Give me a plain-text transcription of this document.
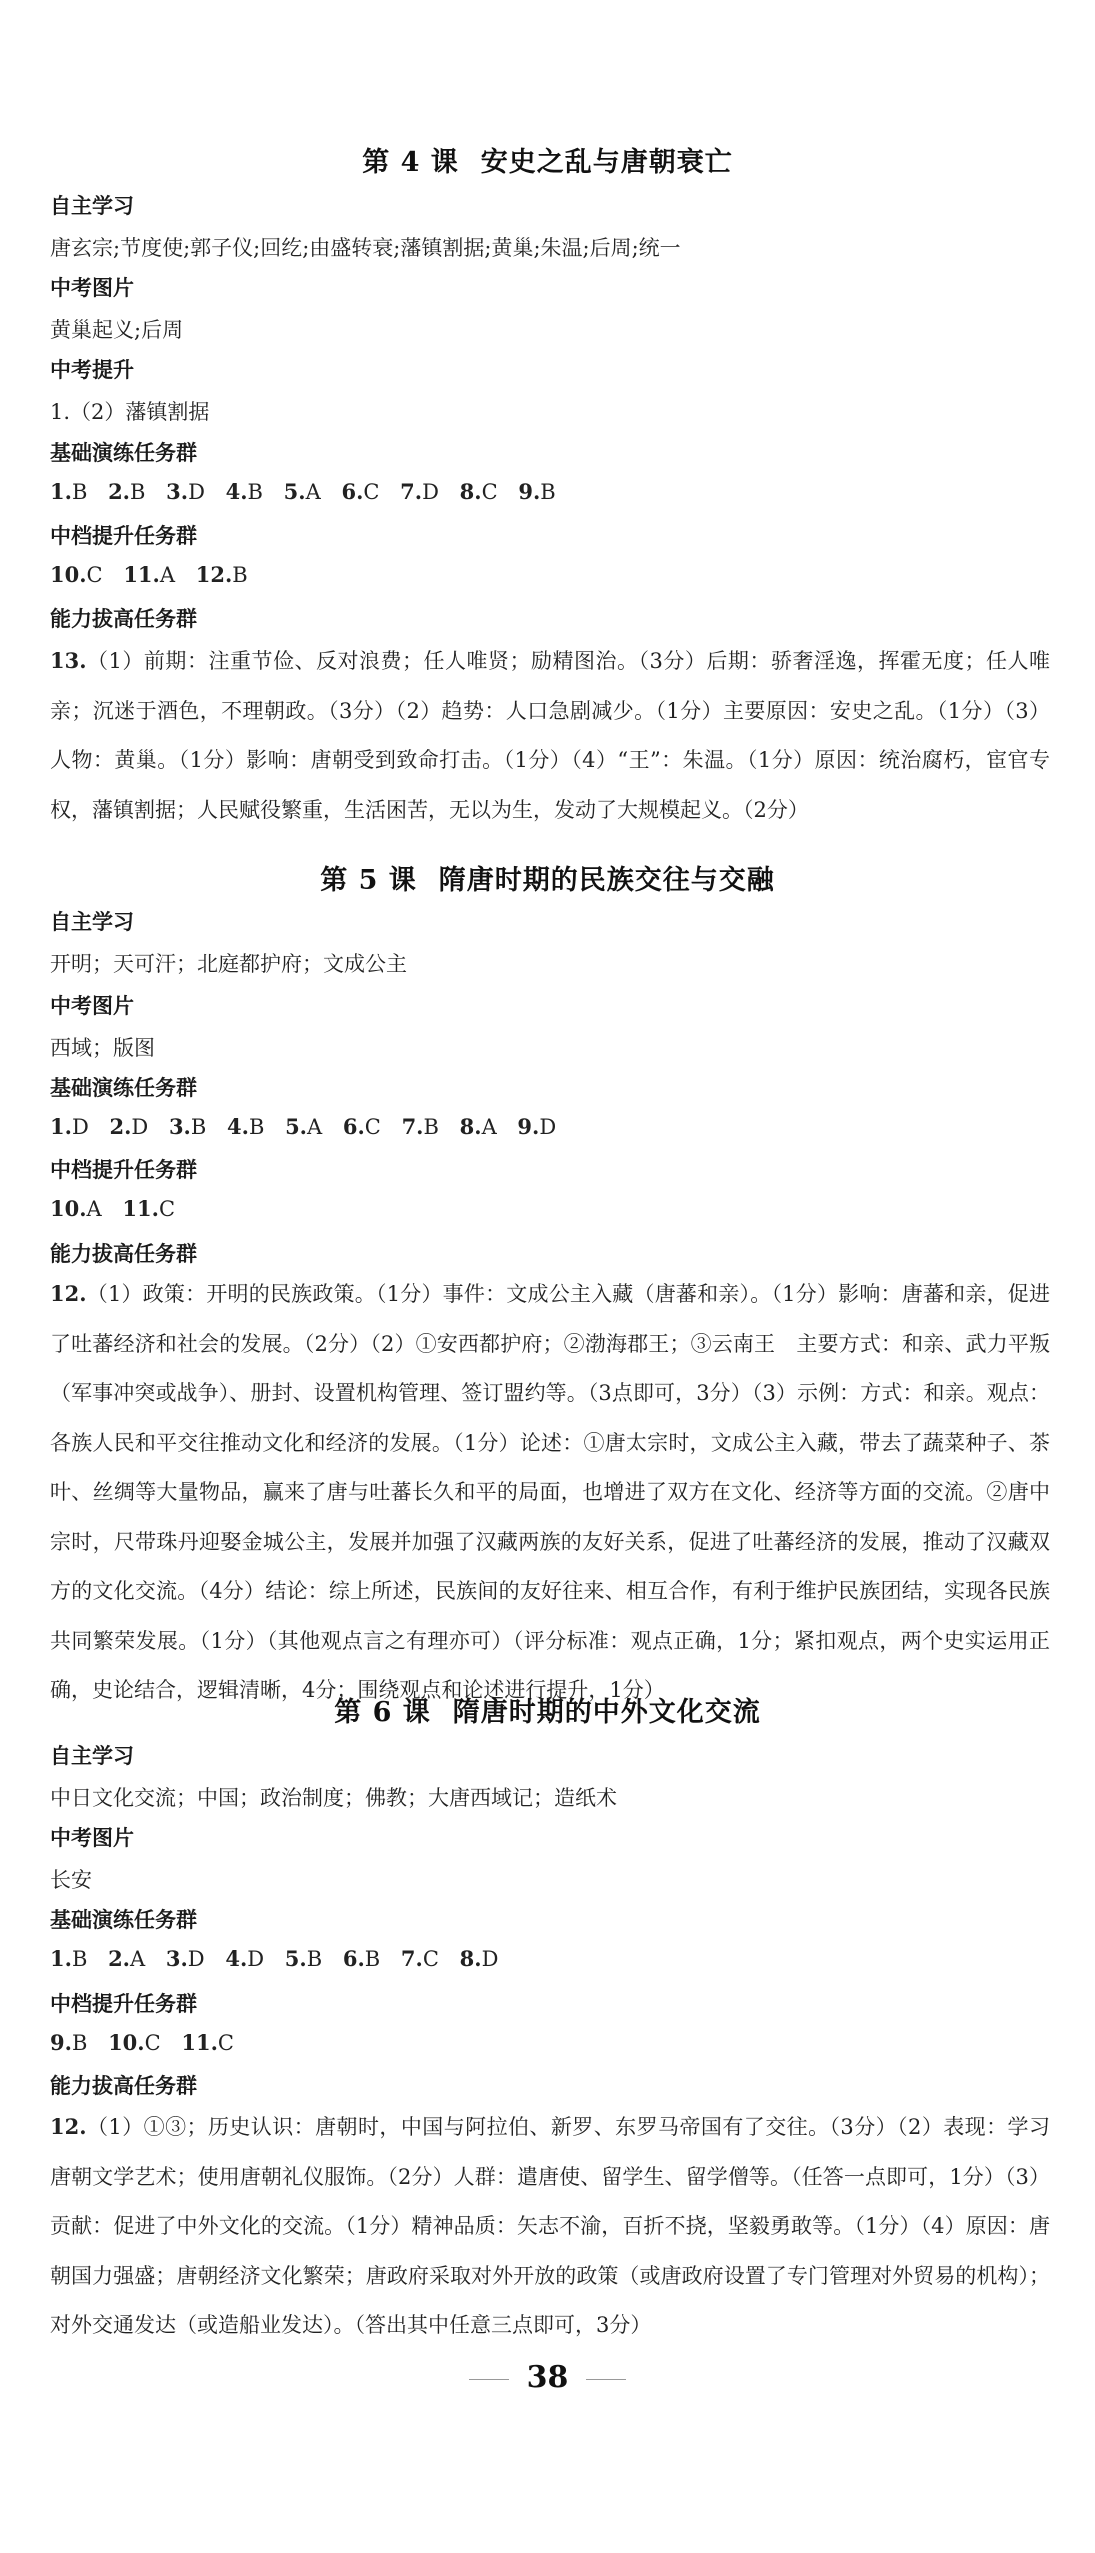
第 4 课 安史之乱与唐朝衰亡
自主学习
唐玄宗;节度使;郭子仪;回纥;由盛转衰;藩镇割据;黄巢;朱温;后周;统一
中考图片
黄巢起义;后周
中考提升
1.（2）藩镇割据
基础演练任务群
1.B 2.B 3.D 4.B 5.A 6.C 7.D 8.C 9.B
中档提升任务群
10.C 11.A 12.B
能力拔高任务群
13.（1）前期：注重节俭、反对浪费；任人唯贤；励精图治。（3分）后期：骄奢淫逸，挥霍无度；任人唯亲；沉迷于酒色，不理朝政。（3分）（2）趋势：人口急剧减少。（1分）主要原因：安史之乱。（1分）（3）人物：黄巢。（1分）影响：唐朝受到致命打击。（1分）（4）“王”：朱温。（1分）原因：统治腐朽，宦官专权，藩镇割据；人民赋役繁重，生活困苦，无以为生，发动了大规模起义。（2分）
第 5 课 隋唐时期的民族交往与交融
自主学习
开明；天可汗；北庭都护府；文成公主
中考图片
西域；版图
基础演练任务群
1.D 2.D 3.B 4.B 5.A 6.C 7.B 8.A 9.D
中档提升任务群
10.A 11.C
能力拔高任务群
12.（1）政策：开明的民族政策。（1分）事件：文成公主入藏（唐蕃和亲）。（1分）影响：唐蕃和亲，促进了吐蕃经济和社会的发展。（2分）（2）①安西都护府；②渤海郡王；③云南王　主要方式：和亲、武力平叛（军事冲突或战争）、册封、设置机构管理、签订盟约等。（3点即可，3分）（3）示例：方式：和亲。观点：各族人民和平交往推动文化和经济的发展。（1分）论述：①唐太宗时，文成公主入藏，带去了蔬菜种子、茶叶、丝绸等大量物品，赢来了唐与吐蕃长久和平的局面，也增进了双方在文化、经济等方面的交流。②唐中宗时，尺带珠丹迎娶金城公主，发展并加强了汉藏两族的友好关系，促进了吐蕃经济的发展，推动了汉藏双方的文化交流。（4分）结论：综上所述，民族间的友好往来、相互合作，有利于维护民族团结，实现各民族共同繁荣发展。（1分）（其他观点言之有理亦可）（评分标准：观点正确，1分；紧扣观点，两个史实运用正确，史论结合，逻辑清晰，4分；围绕观点和论述进行提升，1分）
第 6 课 隋唐时期的中外文化交流
自主学习
中日文化交流；中国；政治制度；佛教；大唐西域记；造纸术
中考图片
长安
基础演练任务群
1.B 2.A 3.D 4.D 5.B 6.B 7.C 8.D
中档提升任务群
9.B 10.C 11.C
能力拔高任务群
12.（1）①③；历史认识：唐朝时，中国与阿拉伯、新罗、东罗马帝国有了交往。（3分）（2）表现：学习唐朝文学艺术；使用唐朝礼仪服饰。（2分）人群：遣唐使、留学生、留学僧等。（任答一点即可，1分）（3）贡献：促进了中外文化的交流。（1分）精神品质：矢志不渝，百折不挠，坚毅勇敢等。（1分）（4）原因：唐朝国力强盛；唐朝经济文化繁荣；唐政府采取对外开放的政策（或唐政府设置了专门管理对外贸易的机构）；对外交通发达（或造船业发达）。（答出其中任意三点即可，3分）
38
